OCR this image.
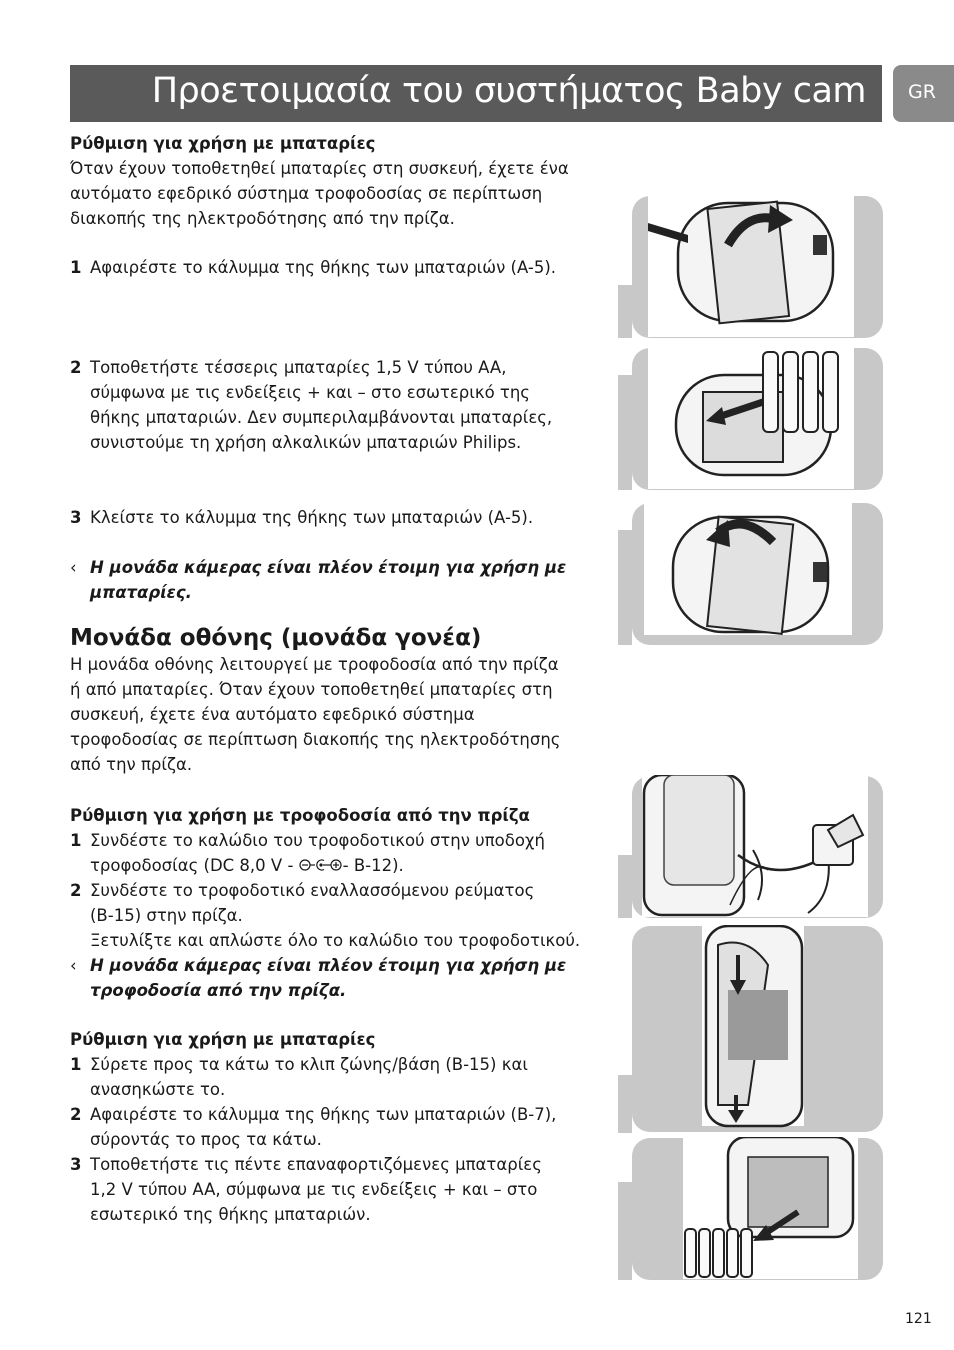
Προετοιμασία του συστήματος Baby cam GR

Ρύθμιση για χρήση με μπαταρίες

Όταν έχουν τοποθετηθεί μπαταρίες στη συσκευή, έχετε ένα

αυτόματο εφεδρικό σύστημα τροφοδοσίας σε περίπτωση

διακοπής της ηλεκτροδότησης από την πρίζα.

1 Αφαιρέστε το κάλυμμα της θήκης των μπαταριών (A-5).
2 Τοποθετήστε τέσσερις μπαταρίες 1,5 V τύπου AA,
σύμφωνα με τις ενδείξεις + και – στο εσωτερικό της
θήκης μπαταριών. Δεν συμπεριλαμβάνονται μπαταρίες,
συνιστούμε τη χρήση αλκαλικών μπαταριών Philips.
3 Κλείστε το κάλυμμα της θήκης των μπαταριών (A-5).
‹ Η μονάδα κάμερας είναι πλέον έτοιμη για χρήση με
μπαταρίες.

Μονάδα οθόνης (μονάδα γονέα)

Η μονάδα οθόνης λειτουργεί με τροφοδοσία από την πρίζα

ή από μπαταρίες. Όταν έχουν τοποθετηθεί μπαταρίες στη

συσκευή, έχετε ένα αυτόματο εφεδρικό σύστημα

τροφοδοσίας σε περίπτωση διακοπής της ηλεκτροδότησης

από την πρίζα.

Ρύθμιση για χρήση με τροφοδοσία από την πρίζα

1 Συνδέστε το καλώδιο του τροφοδοτικού στην υποδοχή
τροφοδοσίας (DC 8,0 V -	- B-12).
2 Συνδέστε το τροφοδοτικό εναλλασσόμενου ρεύματος
(B-15) στην πρίζα.
Ξετυλίξτε και απλώστε όλο το καλώδιο του τροφοδοτικού.
‹ Η μονάδα κάμερας είναι πλέον έτοιμη για χρήση με
τροφοδοσία από την πρίζα.

Ρύθμιση για χρήση με μπαταρίες

1 Σύρετε προς τα κάτω το κλιπ ζώνης/βάση (B-15) και
ανασηκώστε το.
2 Αφαιρέστε το κάλυμμα της θήκης των μπαταριών (B-7),
σύροντάς το προς τα κάτω.
3 Τοποθετήστε τις πέντε επαναφορτιζόμενες μπαταρίες
1,2 V τύπου AA, σύμφωνα με τις ενδείξεις + και – στο
εσωτερικό της θήκης μπαταριών.
121
